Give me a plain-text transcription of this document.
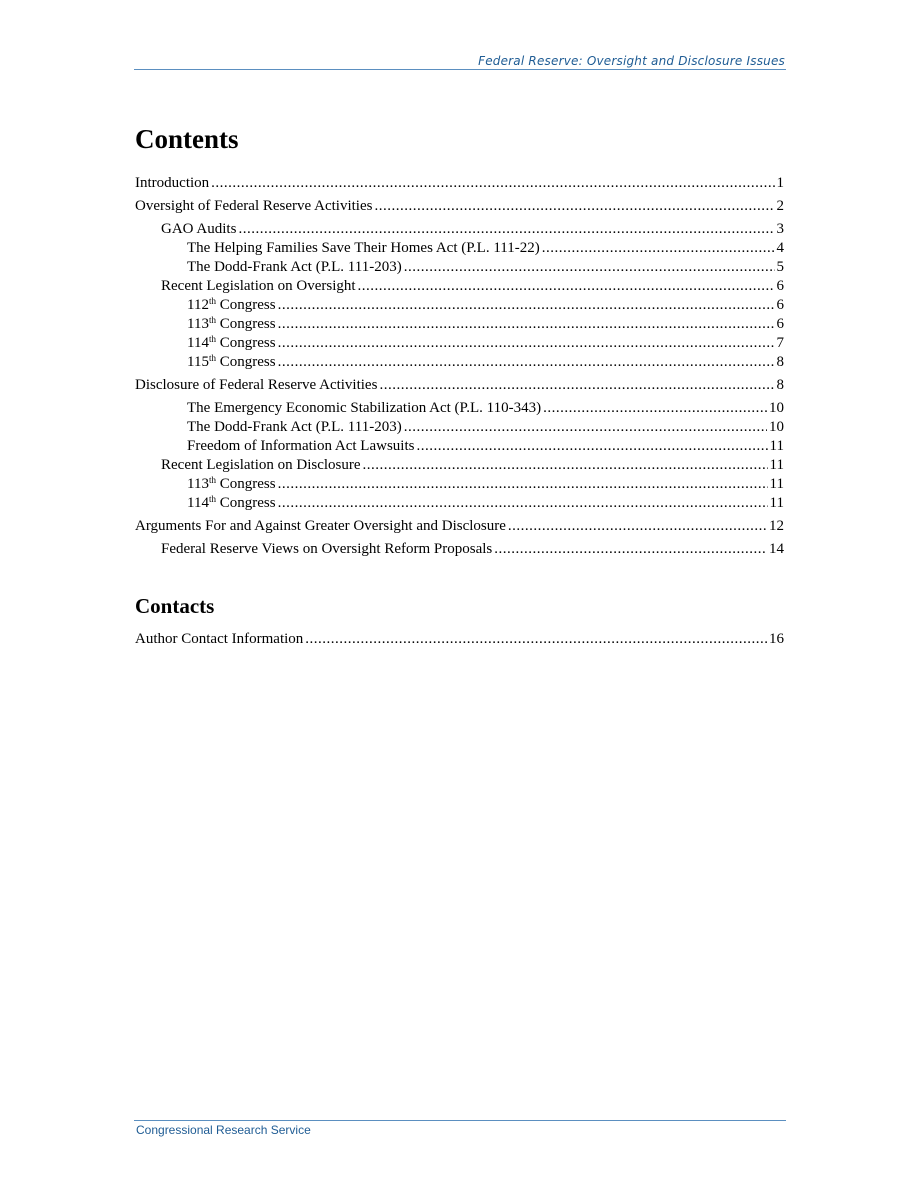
Federal Reserve: Oversight and Disclosure Issues
Contents
Introduction .....	1
Oversight of Federal Reserve Activities .....	2
GAO Audits .....	3
The Helping Families Save Their Homes Act (P.L. 111-22) .....	4
The Dodd-Frank Act (P.L. 111-203) .....	5
Recent Legislation on Oversight .....	6
112th Congress .....	6
113th Congress .....	6
114th Congress .....	7
115th Congress .....	8
Disclosure of Federal Reserve Activities .....	8
The Emergency Economic Stabilization Act (P.L. 110-343) .....	10
The Dodd-Frank Act (P.L. 111-203) .....	10
Freedom of Information Act Lawsuits .....	11
Recent Legislation on Disclosure .....	11
113th Congress .....	11
114th Congress .....	11
Arguments For and Against Greater Oversight and Disclosure .....	12
Federal Reserve Views on Oversight Reform Proposals .....	14
Contacts
Author Contact Information .....	16
Congressional Research Service
